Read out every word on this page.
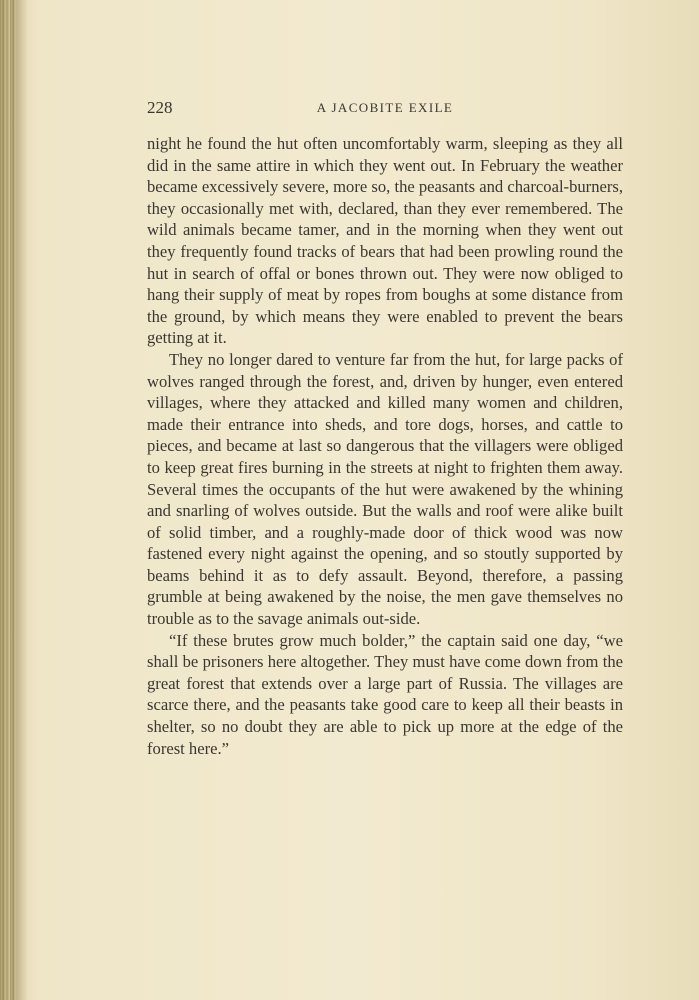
228	A JACOBITE EXILE

night he found the hut often uncomfortably warm, sleeping as they all did in the same attire in which they went out. In February the weather became excessively severe, more so, the peasants and charcoal-burners, they occasionally met with, declared, than they ever remembered. The wild animals became tamer, and in the morning when they went out they frequently found tracks of bears that had been prowling round the hut in search of offal or bones thrown out. They were now obliged to hang their supply of meat by ropes from boughs at some distance from the ground, by which means they were enabled to prevent the bears getting at it.

They no longer dared to venture far from the hut, for large packs of wolves ranged through the forest, and, driven by hunger, even entered villages, where they attacked and killed many women and children, made their entrance into sheds, and tore dogs, horses, and cattle to pieces, and became at last so dangerous that the villagers were obliged to keep great fires burning in the streets at night to frighten them away. Several times the occupants of the hut were awakened by the whining and snarling of wolves outside. But the walls and roof were alike built of solid timber, and a roughly-made door of thick wood was now fastened every night against the opening, and so stoutly supported by beams behind it as to defy assault. Beyond, therefore, a passing grumble at being awakened by the noise, the men gave themselves no trouble as to the savage animals out-side.

“If these brutes grow much bolder,” the captain said one day, “we shall be prisoners here altogether. They must have come down from the great forest that extends over a large part of Russia. The villages are scarce there, and the peasants take good care to keep all their beasts in shelter, so no doubt they are able to pick up more at the edge of the forest here.”
